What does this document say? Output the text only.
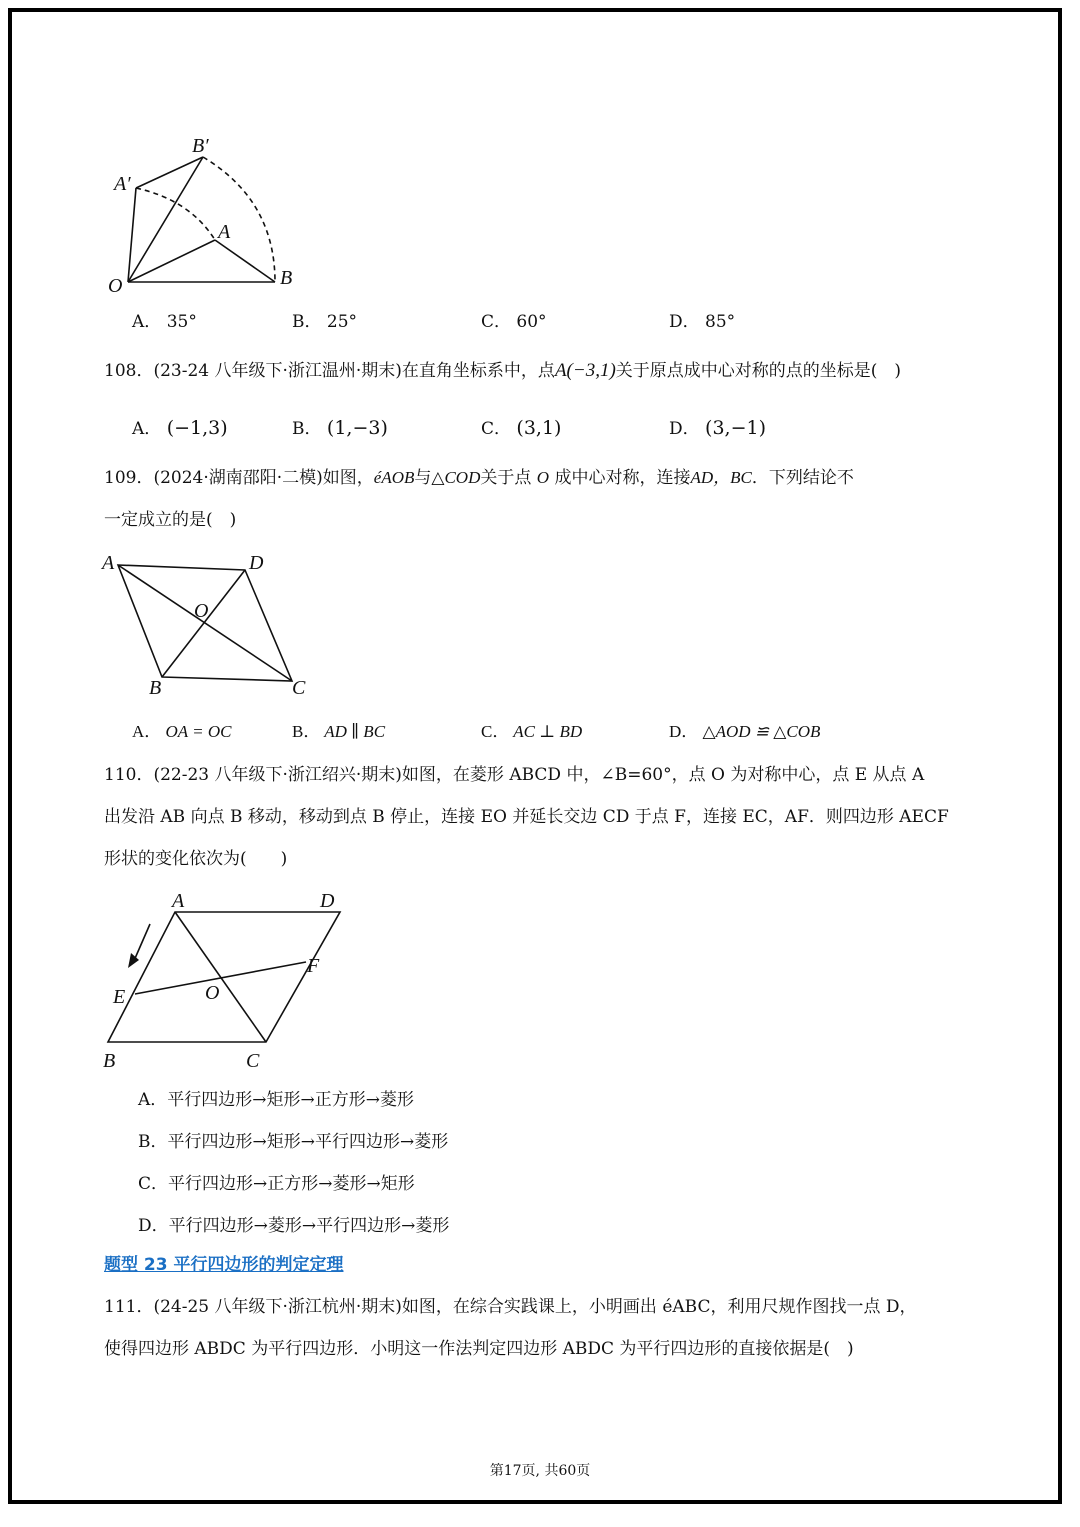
B′
A′
A
O	B
A． 35°	B． 25°	C． 60°	D． 85°
108．(23-24 八年级下·浙江温州·期末)在直角坐标系中，点A(−3,1)关于原点成中心对称的点的坐标是(　)
A． (−1,3)	B． (1,−3)	C． (3,1)	D． (3,−1)
109．(2024·湖南邵阳·二模)如图，éAOB与△COD关于点 O 成中心对称，连接AD，BC．下列结论不
一定成立的是(　)
A	D
O
B	C
A． OA = OC	B． AD ∥ BC	C． AC ⊥ BD	D． △AOD ≌ △COB
110．(22-23 八年级下·浙江绍兴·期末)如图，在菱形 ABCD 中，∠B=60°，点 O 为对称中心，点 E 从点 A
出发沿 AB 向点 B 移动，移动到点 B 停止，连接 EO 并延长交边 CD 于点 F，连接 EC，AF．则四边形 AECF
形状的变化依次为(　　)
A	D
F
E	O
B	C
A．平行四边形→矩形→正方形→菱形
B．平行四边形→矩形→平行四边形→菱形
C．平行四边形→正方形→菱形→矩形
D．平行四边形→菱形→平行四边形→菱形
题型 23 平行四边形的判定定理
111．(24-25 八年级下·浙江杭州·期末)如图，在综合实践课上，小明画出 éABC，利用尺规作图找一点 D，
使得四边形 ABDC 为平行四边形．小明这一作法判定四边形 ABDC 为平行四边形的直接依据是(　)
第17页, 共60页
